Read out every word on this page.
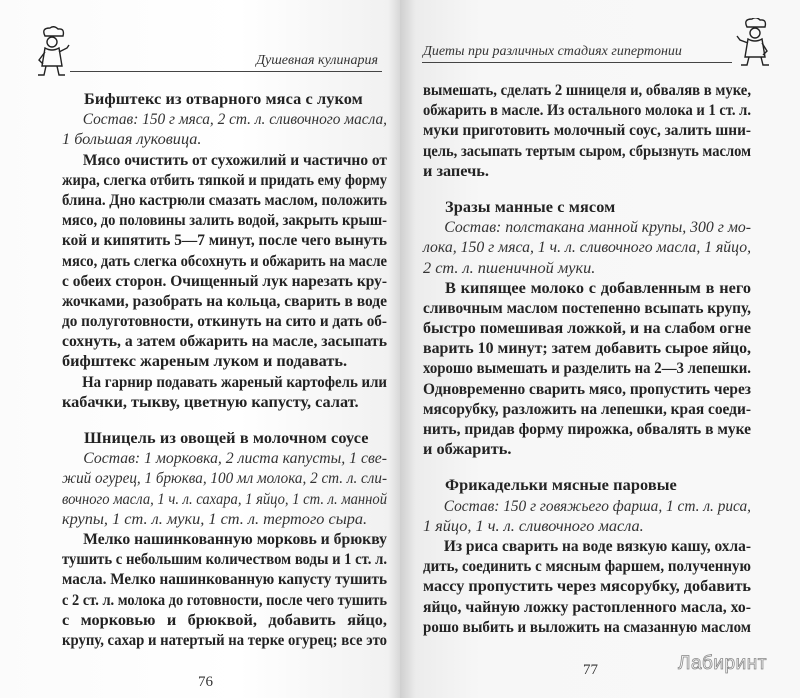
Душевная кулинария
Бифштекс из отварного мяса с луком
Состав: 150 г мяса, 2 ст. л. сливочного масла,
1 большая луковица.
Мясо очистить от сухожилий и частично от
жира, слегка отбить тяпкой и придать ему форму
блина. Дно кастрюли смазать маслом, положить
мясо, до половины залить водой, закрыть крыш-
кой и кипятить 5—7 минут, после чего вынуть
мясо, дать слегка обсохнуть и обжарить на масле
с обеих сторон. Очищенный лук нарезать кру-
жочками, разобрать на кольца, сварить в воде
до полуготовности, откинуть на сито и дать об-
сохнуть, а затем обжарить на масле, засыпать
бифштекс жареным луком и подавать.
На гарнир подавать жареный картофель или
кабачки, тыкву, цветную капусту, салат.
Шницель из овощей в молочном соусе
Состав: 1 морковка, 2 листа капусты, 1 све-
жий огурец, 1 брюква, 100 мл молока, 2 ст. л. сли-
вочного масла, 1 ч. л. сахара, 1 яйцо, 1 ст. л. манной
крупы, 1 ст. л. муки, 1 ст. л. тертого сыра.
Мелко нашинкованную морковь и брюкву
тушить с небольшим количеством воды и 1 ст. л.
масла. Мелко нашинкованную капусту тушить
с 2 ст. л. молока до готовности, после чего тушить
с морковью и брюквой, добавить яйцо,
крупу, сахар и натертый на терке огурец; все это
76
Диеты при различных стадиях гипертонии
вымешать, сделать 2 шницеля и, обваляв в муке,
обжарить в масле. Из остального молока и 1 ст. л.
муки приготовить молочный соус, залить шни-
цель, засыпать тертым сыром, сбрызнуть маслом
и запечь.
Зразы манные с мясом
Состав: полстакана манной крупы, 300 г мо-
лока, 150 г мяса, 1 ч. л. сливочного масла, 1 яйцо,
2 ст. л. пшеничной муки.
В кипящее молоко с добавленным в него
сливочным маслом постепенно всыпать крупу,
быстро помешивая ложкой, и на слабом огне
варить 10 минут; затем добавить сырое яйцо,
хорошо вымешать и разделить на 2—3 лепешки.
Одновременно сварить мясо, пропустить через
мясорубку, разложить на лепешки, края соеди-
нить, придав форму пирожка, обвалять в муке
и обжарить.
Фрикадельки мясные паровые
Состав: 150 г говяжьего фарша, 1 ст. л. риса,
1 яйцо, 1 ч. л. сливочного масла.
Из риса сварить на воде вязкую кашу, охла-
дить, соединить с мясным фаршем, полученную
массу пропустить через мясорубку, добавить
яйцо, чайную ложку растопленного масла, хо-
рошо выбить и выложить на смазанную маслом
77	Лабиринт
